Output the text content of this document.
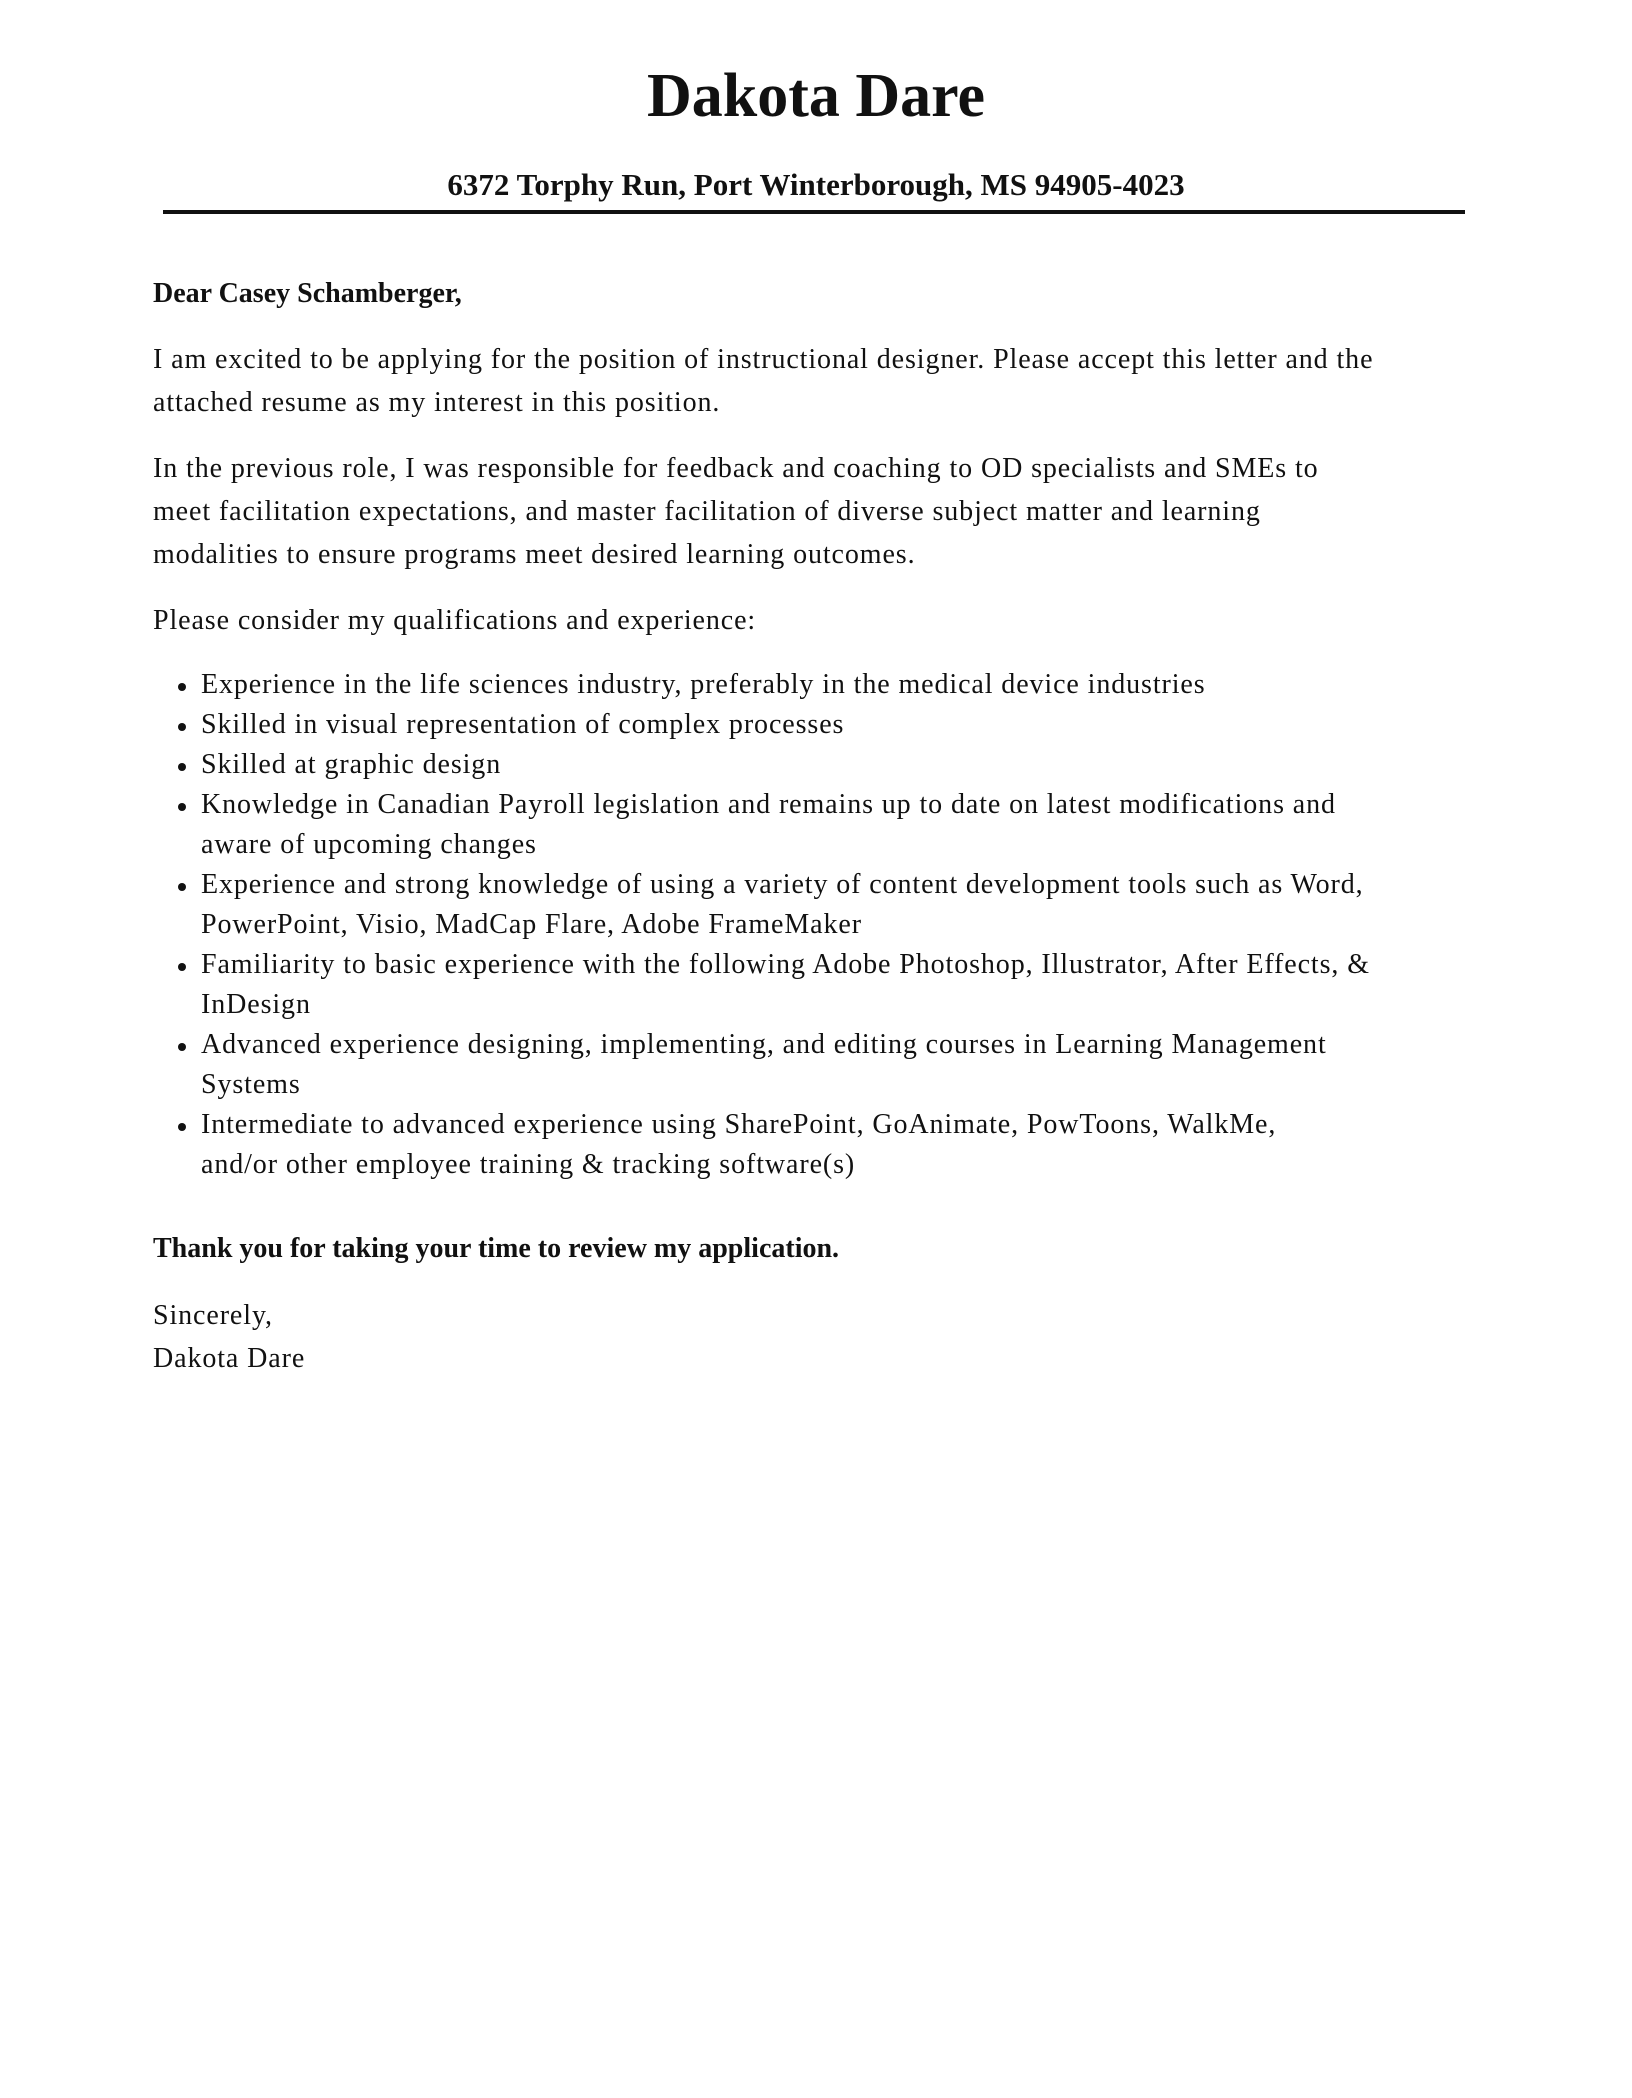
Dakota Dare
6372 Torphy Run, Port Winterborough, MS 94905-4023
Dear Casey Schamberger,

I am excited to be applying for the position of instructional designer. Please accept this letter and the
attached resume as my interest in this position.

In the previous role, I was responsible for feedback and coaching to OD specialists and SMEs to
meet facilitation expectations, and master facilitation of diverse subject matter and learning
modalities to ensure programs meet desired learning outcomes.

Please consider my qualifications and experience:

Experience in the life sciences industry, preferably in the medical device industries
Skilled in visual representation of complex processes
Skilled at graphic design
Knowledge in Canadian Payroll legislation and remains up to date on latest modifications and
aware of upcoming changes
Experience and strong knowledge of using a variety of content development tools such as Word,
PowerPoint, Visio, MadCap Flare, Adobe FrameMaker
Familiarity to basic experience with the following Adobe Photoshop, Illustrator, After Effects, &
InDesign
Advanced experience designing, implementing, and editing courses in Learning Management
Systems
Intermediate to advanced experience using SharePoint, GoAnimate, PowToons, WalkMe,
and/or other employee training & tracking software(s)
Thank you for taking your time to review my application.
Sincerely,
Dakota Dare
